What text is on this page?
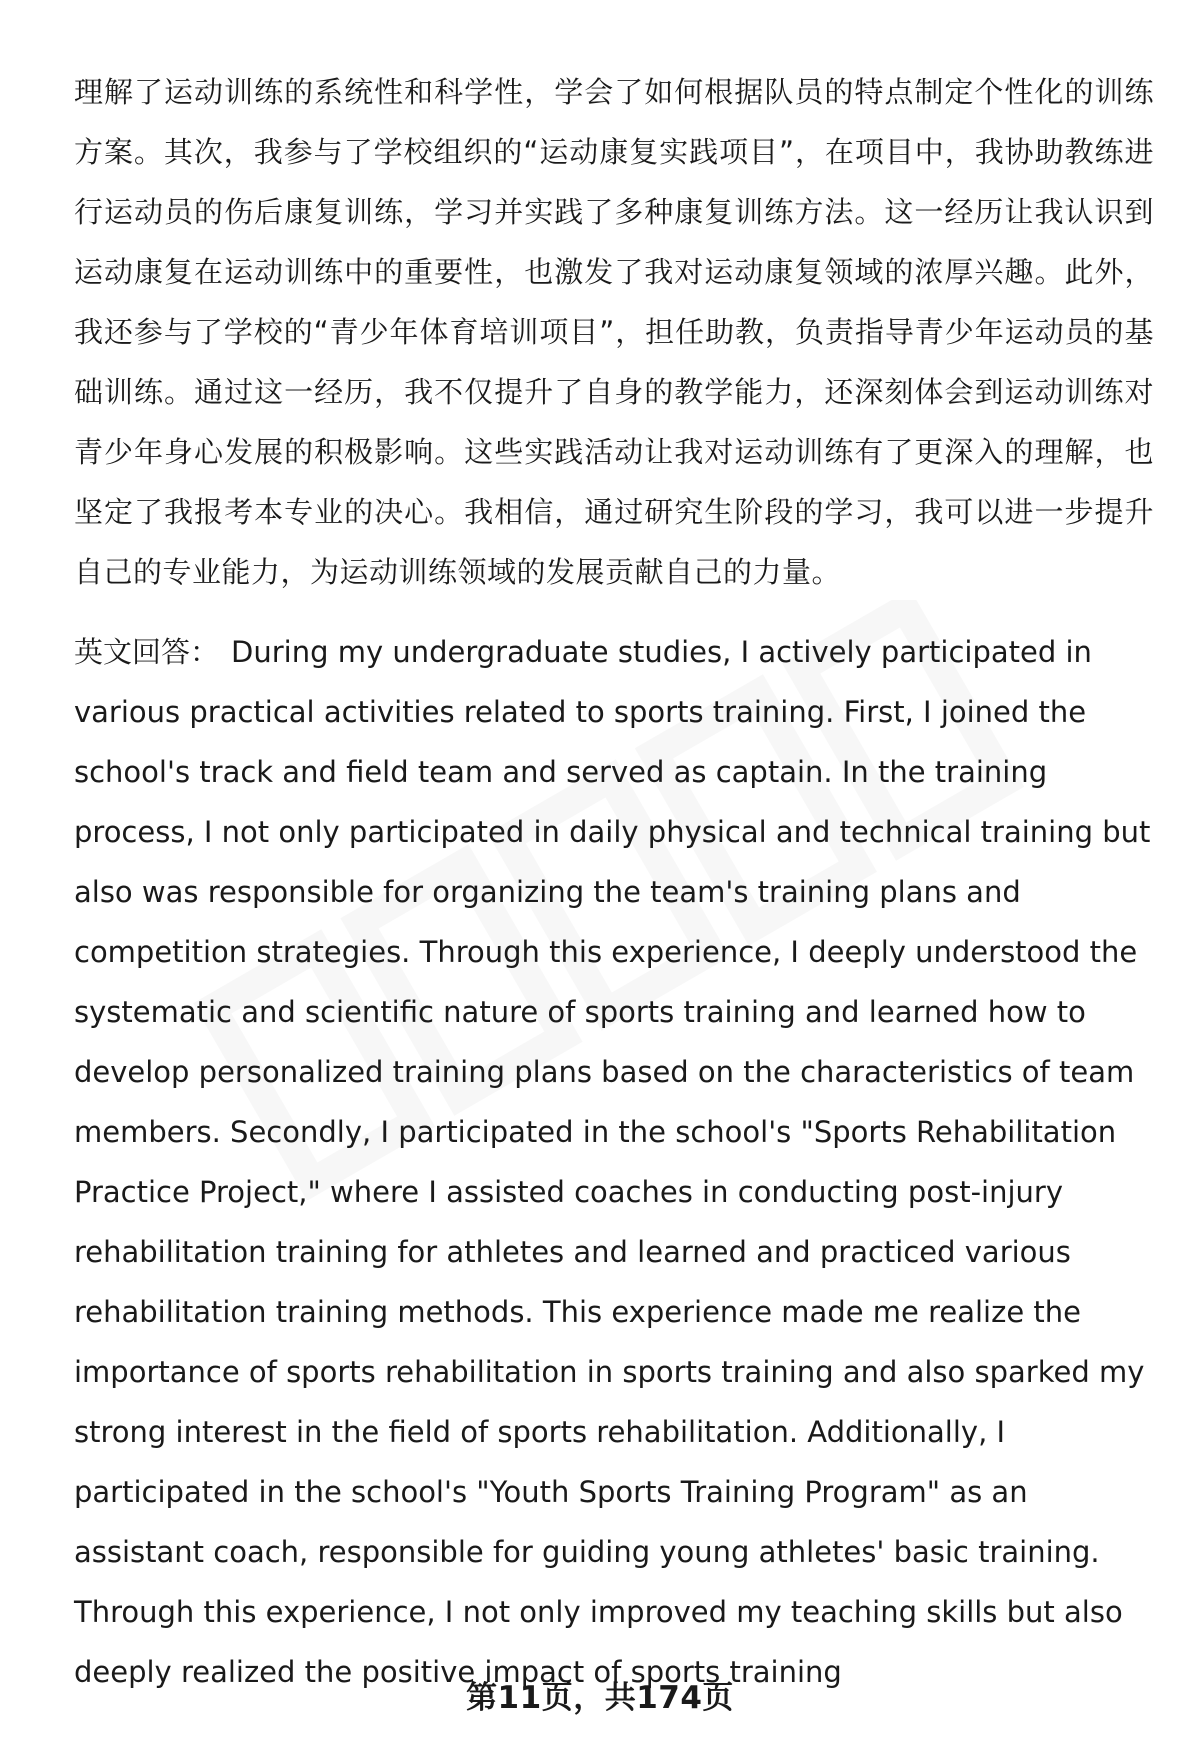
理解了运动训练的系统性和科学性，学会了如何根据队员的特点制定个性化的训练方案。其次，我参与了学校组织的“运动康复实践项目”，在项目中，我协助教练进行运动员的伤后康复训练，学习并实践了多种康复训练方法。这一经历让我认识到运动康复在运动训练中的重要性，也激发了我对运动康复领域的浓厚兴趣。此外，我还参与了学校的“青少年体育培训项目”，担任助教，负责指导青少年运动员的基础训练。通过这一经历，我不仅提升了自身的教学能力，还深刻体会到运动训练对青少年身心发展的积极影响。这些实践活动让我对运动训练有了更深入的理解，也坚定了我报考本专业的决心。我相信，通过研究生阶段的学习，我可以进一步提升自己的专业能力，为运动训练领域的发展贡献自己的力量。

英文回答： During my undergraduate studies, I actively participated in various practical activities related to sports training. First, I joined the school's track and field team and served as captain. In the training process, I not only participated in daily physical and technical training but also was responsible for organizing the team's training plans and competition strategies. Through this experience, I deeply understood the systematic and scientific nature of sports training and learned how to develop personalized training plans based on the characteristics of team members. Secondly, I participated in the school's "Sports Rehabilitation Practice Project," where I assisted coaches in conducting post-injury rehabilitation training for athletes and learned and practiced various rehabilitation training methods. This experience made me realize the importance of sports rehabilitation in sports training and also sparked my strong interest in the field of sports rehabilitation. Additionally, I participated in the school's "Youth Sports Training Program" as an assistant coach, responsible for guiding young athletes' basic training. Through this experience, I not only improved my teaching skills but also deeply realized the positive impact of sports training

第11页，共174页
